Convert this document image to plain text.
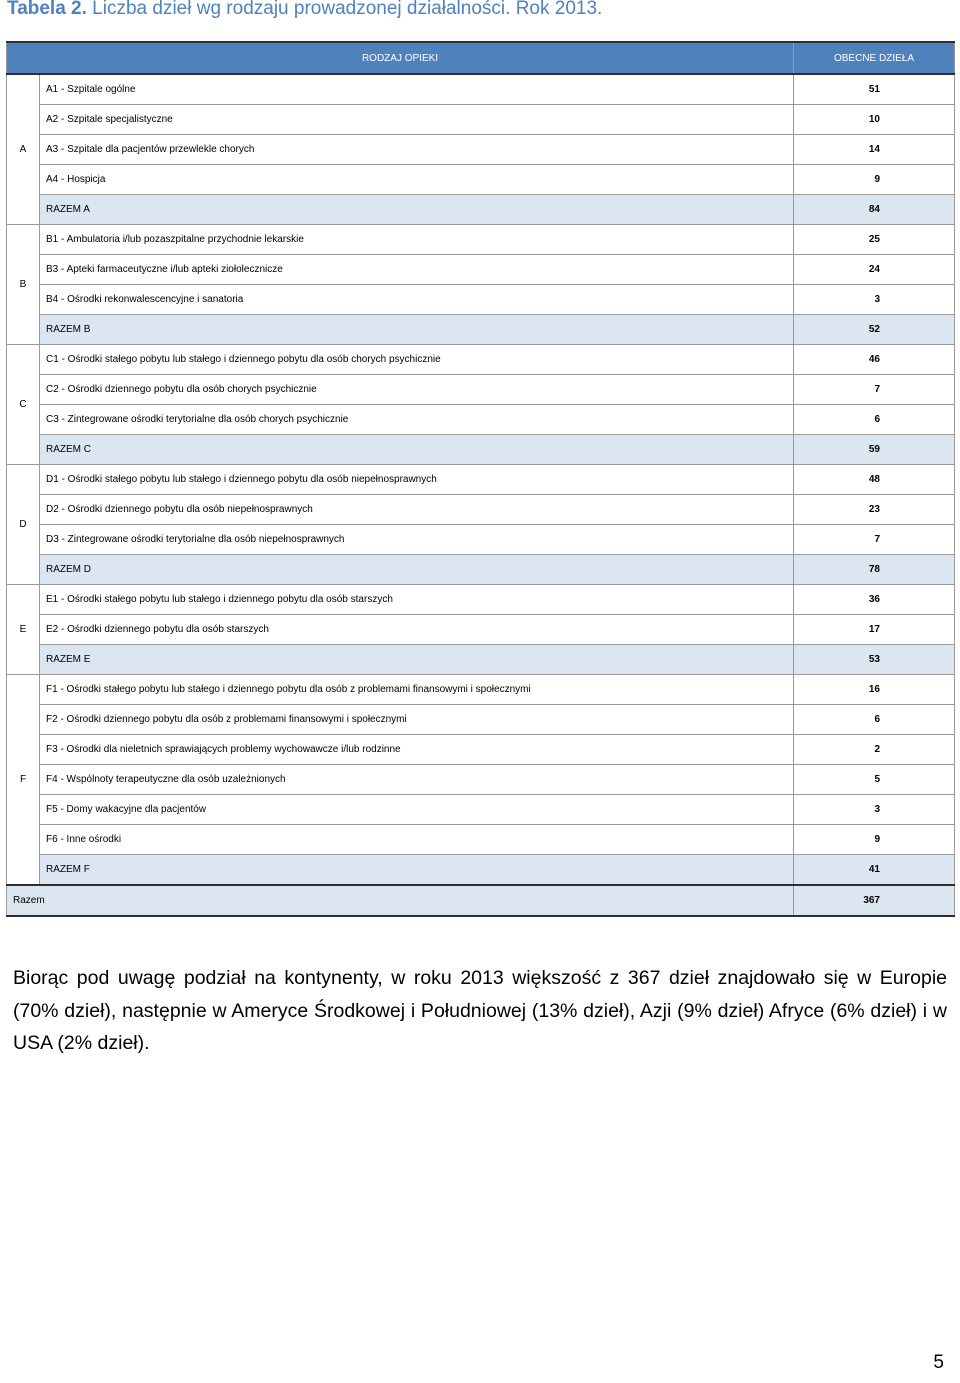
Tabela 2. Liczba dzieł wg rodzaju prowadzonej działalności. Rok 2013.
RODZAJ OPIEKI		OBECNE DZIEŁA
A	A1 - Szpitale ogólne	51
	A2 - Szpitale specjalistyczne	10
	A3 - Szpitale dla pacjentów przewlekle chorych	14
	A4 - Hospicja	9
	RAZEM A	84
B	B1 - Ambulatoria i/lub pozaszpitalne przychodnie lekarskie	25
	B3 - Apteki farmaceutyczne i/lub apteki ziołolecznicze	24
	B4 - Ośrodki rekonwalescencyjne i sanatoria	3
	RAZEM B	52
C	C1 - Ośrodki stałego pobytu lub stałego i dziennego pobytu dla osób chorych psychicznie	46
	C2 - Ośrodki dziennego pobytu dla osób chorych psychicznie	7
	C3 - Zintegrowane ośrodki terytorialne dla osób chorych psychicznie	6
	RAZEM C	59
D	D1 - Ośrodki stałego pobytu lub stałego i dziennego pobytu dla osób niepełnosprawnych	48
	D2 - Ośrodki dziennego pobytu dla osób niepełnosprawnych	23
	D3 - Zintegrowane ośrodki terytorialne dla osób niepełnosprawnych	7
	RAZEM D	78
E	E1 - Ośrodki stałego pobytu lub stałego i dziennego pobytu dla osób starszych	36
	E2 - Ośrodki dziennego pobytu dla osób starszych	17
	RAZEM E	53
F	F1 - Ośrodki stałego pobytu lub stałego i dziennego pobytu dla osób z problemami finansowymi i społecznymi	16
	F2 - Ośrodki dziennego pobytu dla osób z problemami finansowymi i społecznymi	6
	F3 - Ośrodki dla nieletnich sprawiających problemy wychowawcze i/lub rodzinne	2
	F4 - Wspólnoty terapeutyczne dla osób uzależnionych	5
	F5 - Domy wakacyjne dla pacjentów	3
	F6 - Inne ośrodki	9
	RAZEM F	41
Razem		367
Biorąc pod uwagę podział na kontynenty, w roku 2013 większość z 367 dzieł znajdowało się w Europie (70% dzieł), następnie w Ameryce Środkowej i Południowej (13% dzieł), Azji (9% dzieł) Afryce (6% dzieł) i w USA (2% dzieł).
5
